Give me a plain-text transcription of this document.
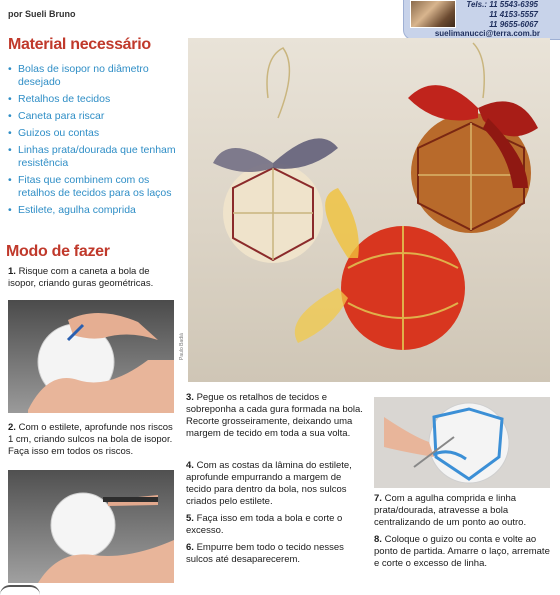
por Sueli Bruno
Tels.: 11 5543-6395
11 4153-5557
11 9655-6067
suelimanucci@terra.com.br
Material necessário
• Bolas de isopor no diâmetro desejado
• Retalhos de tecidos
• Caneta para riscar
• Guizos ou contas
• Linhas prata/dourada que tenham resistência
• Fitas que combinem com os retalhos de tecidos para os laços
• Estilete, agulha comprida
Modo de fazer
1. Risque com a caneta a bola de isopor, criando guras geométricas.
Paulo Badiá
2. Com o estilete, aprofunde nos riscos 1 cm, criando sulcos na bola de isopor. Faça isso em todos os riscos.
3. Pegue os retalhos de tecidos e sobreponha a cada gura formada na bola. Recorte grosseiramente, deixando uma margem de tecido em toda a sua volta.
4. Com as costas da lâmina do estilete, aprofunde empurrando a margem de tecido para dentro da bola, nos sulcos criados pelo estilete.
5. Faça isso em toda a bola e corte o excesso.
6. Empurre bem todo o tecido nesses sulcos até desaparecerem.
7. Com a agulha comprida e linha prata/dourada, atravesse a bola centralizando de um ponto ao outro.
8. Coloque o guizo ou conta e volte ao ponto de partida. Amarre o laço, arremate e corte o excesso de linha.
